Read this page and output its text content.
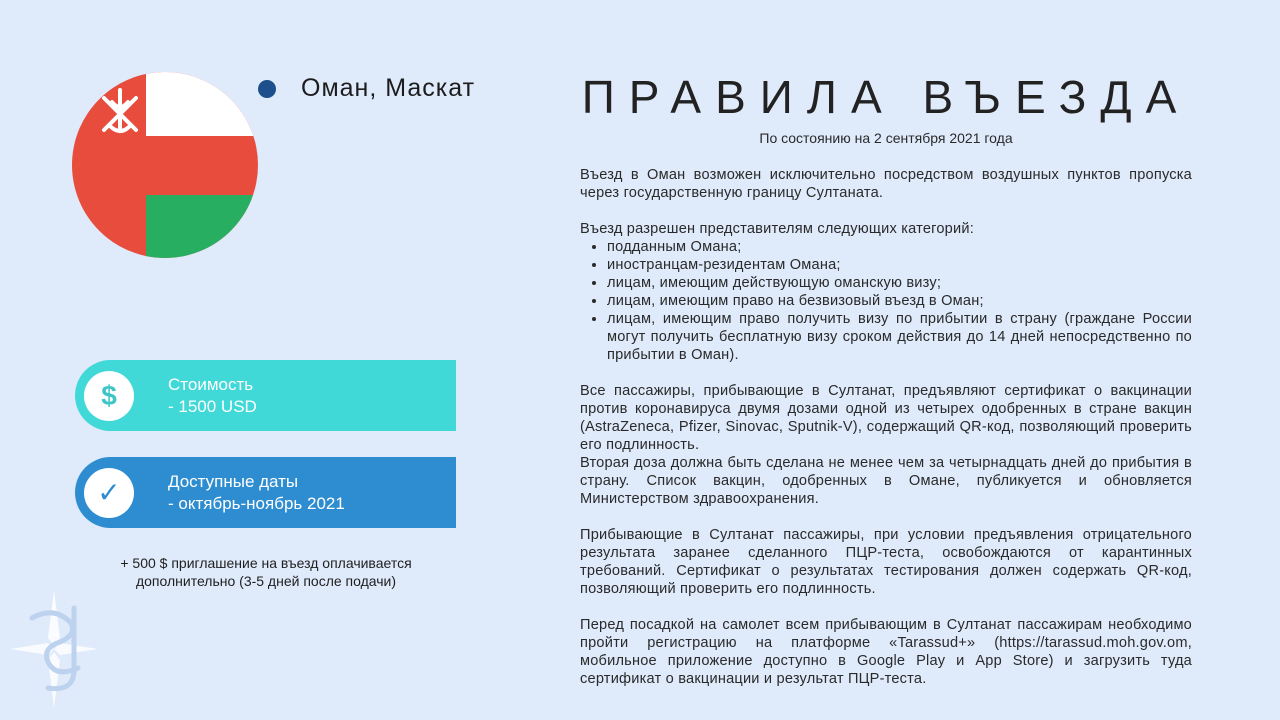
Оман, Маскат
$	Стоимость
- 1500 USD
✓	Доступные даты
- октябрь-ноябрь 2021
+ 500 $ приглашение на въезд оплачивается
дополнительно (3-5 дней после подачи)
ПРАВИЛА ВЪЕЗДА
По состоянию на 2 сентября 2021 года

Въезд в Оман возможен исключительно посредством воздушных пунктов пропуска через государственную границу Султаната.

Въезд разрешен представителям следующих категорий:

• подданным Омана;
• иностранцам-резидентам Омана;
• лицам, имеющим действующую оманскую визу;
• лицам, имеющим право на безвизовый въезд в Оман;
• лицам, имеющим право получить визу по прибытии в страну (граждане России могут получить бесплатную визу сроком действия до 14 дней непосредственно по прибытии в Оман).

Все пассажиры, прибывающие в Султанат, предъявляют сертификат о вакцинации против коронавируса двумя дозами одной из четырех одобренных в стране вакцин (AstraZeneca, Pfizer, Sinovac, Sputnik-V), содержащий QR-код, позволяющий проверить его подлинность.

Вторая доза должна быть сделана не менее чем за четырнадцать дней до прибытия в страну. Список вакцин, одобренных в Омане, публикуется и обновляется Министерством здравоохранения.

Прибывающие в Султанат пассажиры, при условии предъявления отрицательного результата заранее сделанного ПЦР-теста, освобождаются от карантинных требований. Сертификат о результатах тестирования должен содержать QR-код, позволяющий проверить его подлинность.

Перед посадкой на самолет всем прибывающим в Султанат пассажирам необходимо пройти регистрацию на платформе «Tarassud+» (https://tarassud.moh.gov.om, мобильное приложение доступно в Google Play и App Store) и загрузить туда сертификат о вакцинации и результат ПЦР-теста.
